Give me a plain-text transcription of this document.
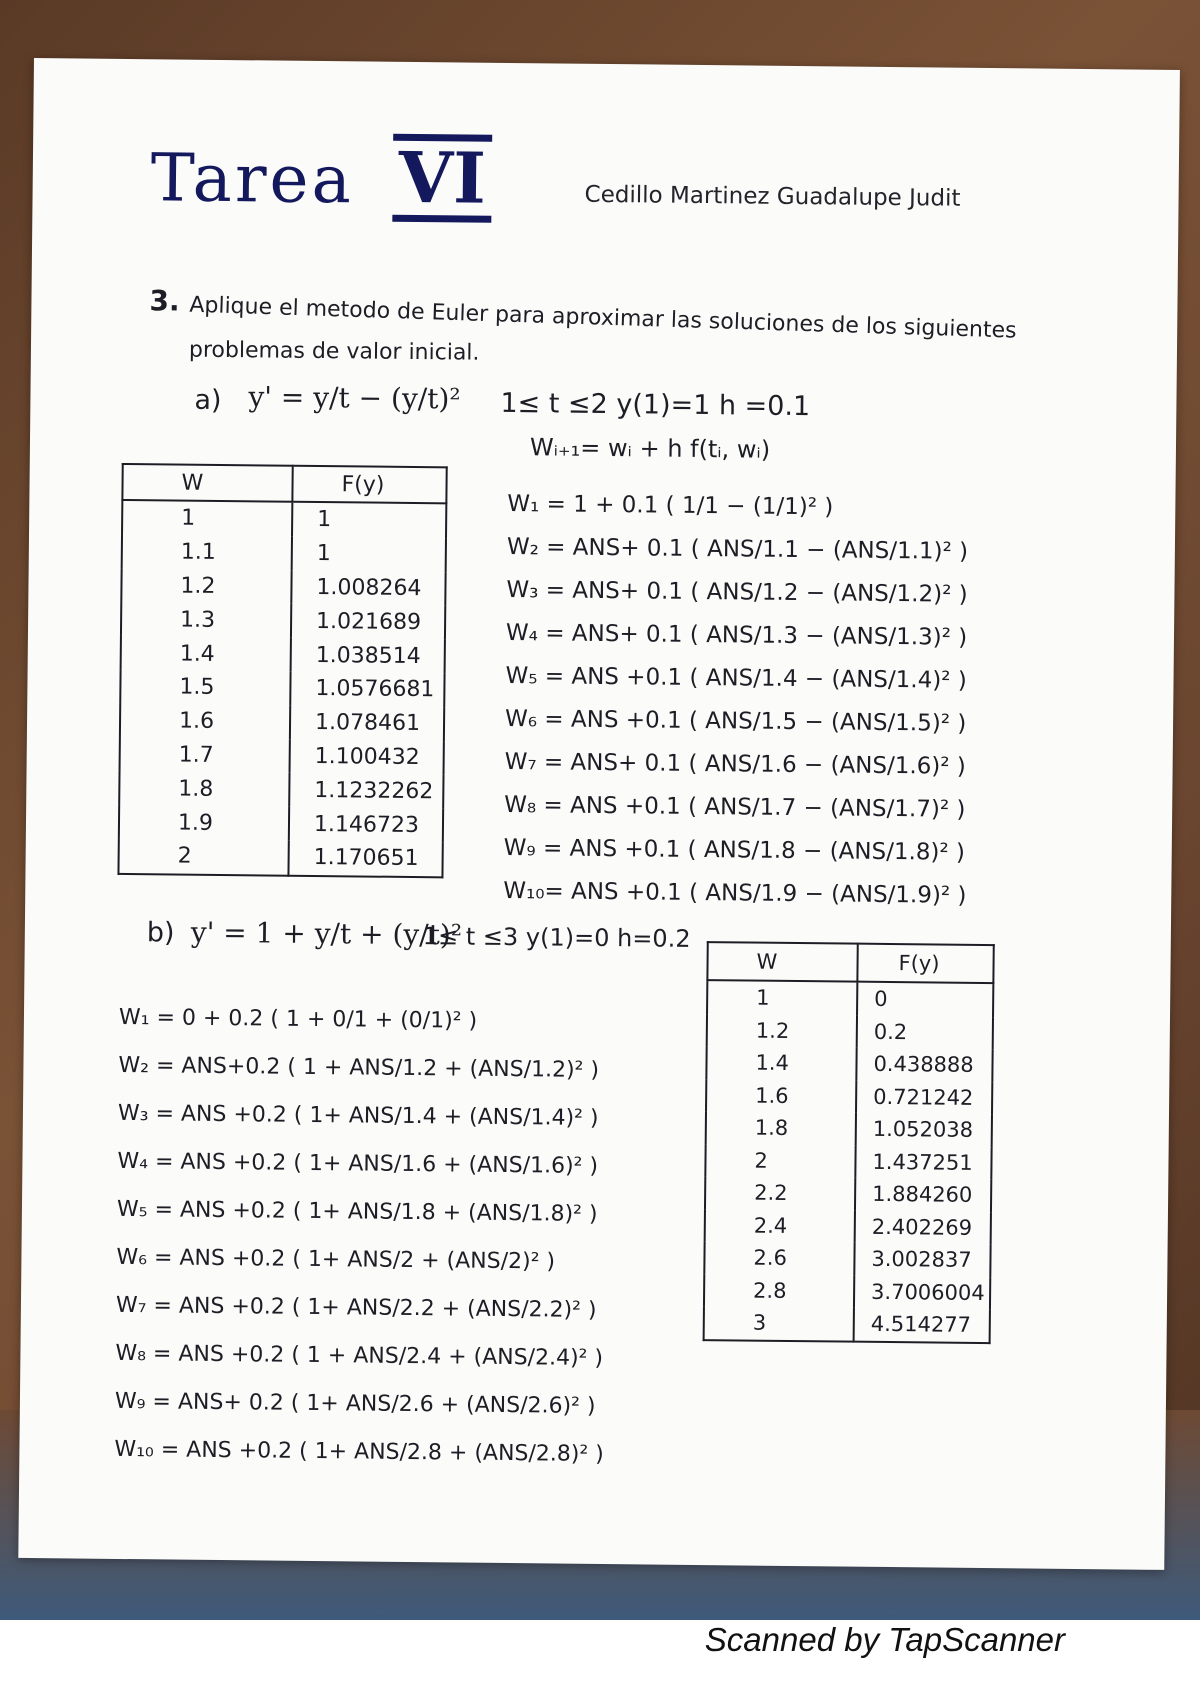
Tarea VI	Cedillo Martinez Guadalupe Judit
3. Aplique el metodo de Euler para aproximar las soluciones de los siguientes
problemas de valor inicial.
a) y' = y/t − (y/t)² 1≤ t ≤2 y(1)=1 h =0.1
Wᵢ₊₁= wᵢ + h f(tᵢ, wᵢ)
W	F(y)
1	1
1.1	1
1.2	1.008264
1.3	1.021689
1.4	1.038514
1.5	1.0576681
1.6	1.078461
1.7	1.100432
1.8	1.1232262
1.9	1.146723
2	1.170651
W₁ = 1 + 0.1 ( 1/1 − (1/1)² )
W₂ = ANS+ 0.1 ( ANS/1.1 − (ANS/1.1)² )
W₃ = ANS+ 0.1 ( ANS/1.2 − (ANS/1.2)² )
W₄ = ANS+ 0.1 ( ANS/1.3 − (ANS/1.3)² )
W₅ = ANS +0.1 ( ANS/1.4 − (ANS/1.4)² )
W₆ = ANS +0.1 ( ANS/1.5 − (ANS/1.5)² )
W₇ = ANS+ 0.1 ( ANS/1.6 − (ANS/1.6)² )
W₈ = ANS +0.1 ( ANS/1.7 − (ANS/1.7)² )
W₉ = ANS +0.1 ( ANS/1.8 − (ANS/1.8)² )
W₁₀= ANS +0.1 ( ANS/1.9 − (ANS/1.9)² )
b) y' = 1 + y/t + (y/t)²
1≤ t ≤3 y(1)=0 h=0.2
W₁ = 0 + 0.2 ( 1 + 0/1 + (0/1)² )
W₂ = ANS+0.2 ( 1 + ANS/1.2 + (ANS/1.2)² )
W₃ = ANS +0.2 ( 1+ ANS/1.4 + (ANS/1.4)² )
W₄ = ANS +0.2 ( 1+ ANS/1.6 + (ANS/1.6)² )
W₅ = ANS +0.2 ( 1+ ANS/1.8 + (ANS/1.8)² )
W₆ = ANS +0.2 ( 1+ ANS/2 + (ANS/2)² )
W₇ = ANS +0.2 ( 1+ ANS/2.2 + (ANS/2.2)² )
W₈ = ANS +0.2 ( 1 + ANS/2.4 + (ANS/2.4)² )
W₉ = ANS+ 0.2 ( 1+ ANS/2.6 + (ANS/2.6)² )
W₁₀ = ANS +0.2 ( 1+ ANS/2.8 + (ANS/2.8)² )
W	F(y)
1	0
1.2	0.2
1.4	0.438888
1.6	0.721242
1.8	1.052038
2	1.437251
2.2	1.884260
2.4	2.402269
2.6	3.002837
2.8	3.7006004
3	4.514277
Scanned by TapScanner
